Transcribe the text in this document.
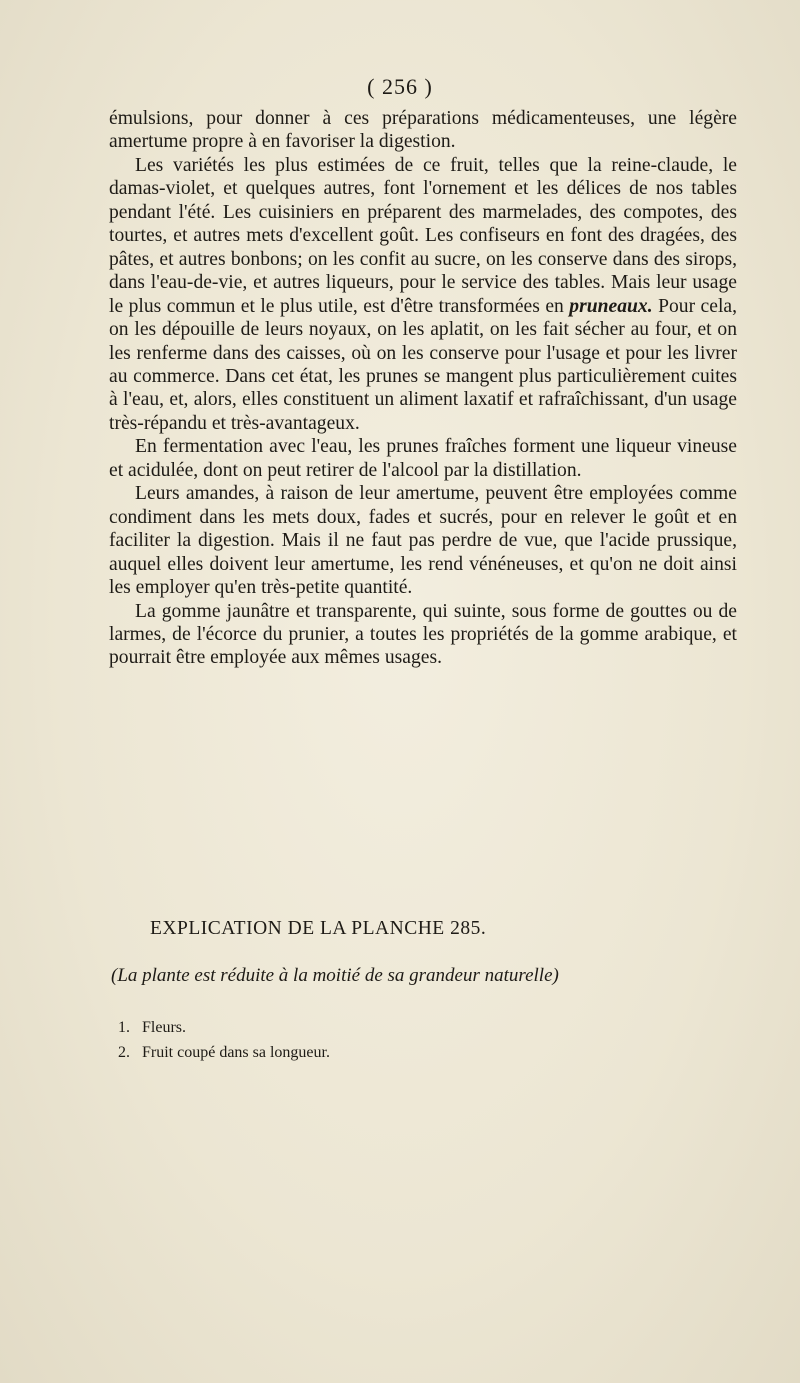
( 256 )

émulsions, pour donner à ces préparations médicamenteuses, une légère amertume propre à en favoriser la digestion.

Les variétés les plus estimées de ce fruit, telles que la reine-claude, le damas-violet, et quelques autres, font l'ornement et les délices de nos tables pendant l'été. Les cuisiniers en préparent des marmelades, des compotes, des tourtes, et autres mets d'excellent goût. Les confiseurs en font des dragées, des pâtes, et autres bonbons; on les confit au sucre, on les conserve dans des sirops, dans l'eau-de-vie, et autres liqueurs, pour le service des tables. Mais leur usage le plus commun et le plus utile, est d'être transformées en pruneaux. Pour cela, on les dépouille de leurs noyaux, on les aplatit, on les fait sécher au four, et on les renferme dans des caisses, où on les conserve pour l'usage et pour les livrer au commerce. Dans cet état, les prunes se mangent plus particulièrement cuites à l'eau, et, alors, elles constituent un aliment laxatif et rafraîchissant, d'un usage très-répandu et très-avantageux.

En fermentation avec l'eau, les prunes fraîches forment une liqueur vineuse et acidulée, dont on peut retirer de l'alcool par la distillation.

Leurs amandes, à raison de leur amertume, peuvent être employées comme condiment dans les mets doux, fades et sucrés, pour en relever le goût et en faciliter la digestion. Mais il ne faut pas perdre de vue, que l'acide prussique, auquel elles doivent leur amertume, les rend vénéneuses, et qu'on ne doit ainsi les employer qu'en très-petite quantité.

La gomme jaunâtre et transparente, qui suinte, sous forme de gouttes ou de larmes, de l'écorce du prunier, a toutes les propriétés de la gomme arabique, et pourrait être employée aux mêmes usages.

EXPLICATION DE LA PLANCHE 285.
(La plante est réduite à la moitié de sa grandeur naturelle)
1. Fleurs.
2. Fruit coupé dans sa longueur.
